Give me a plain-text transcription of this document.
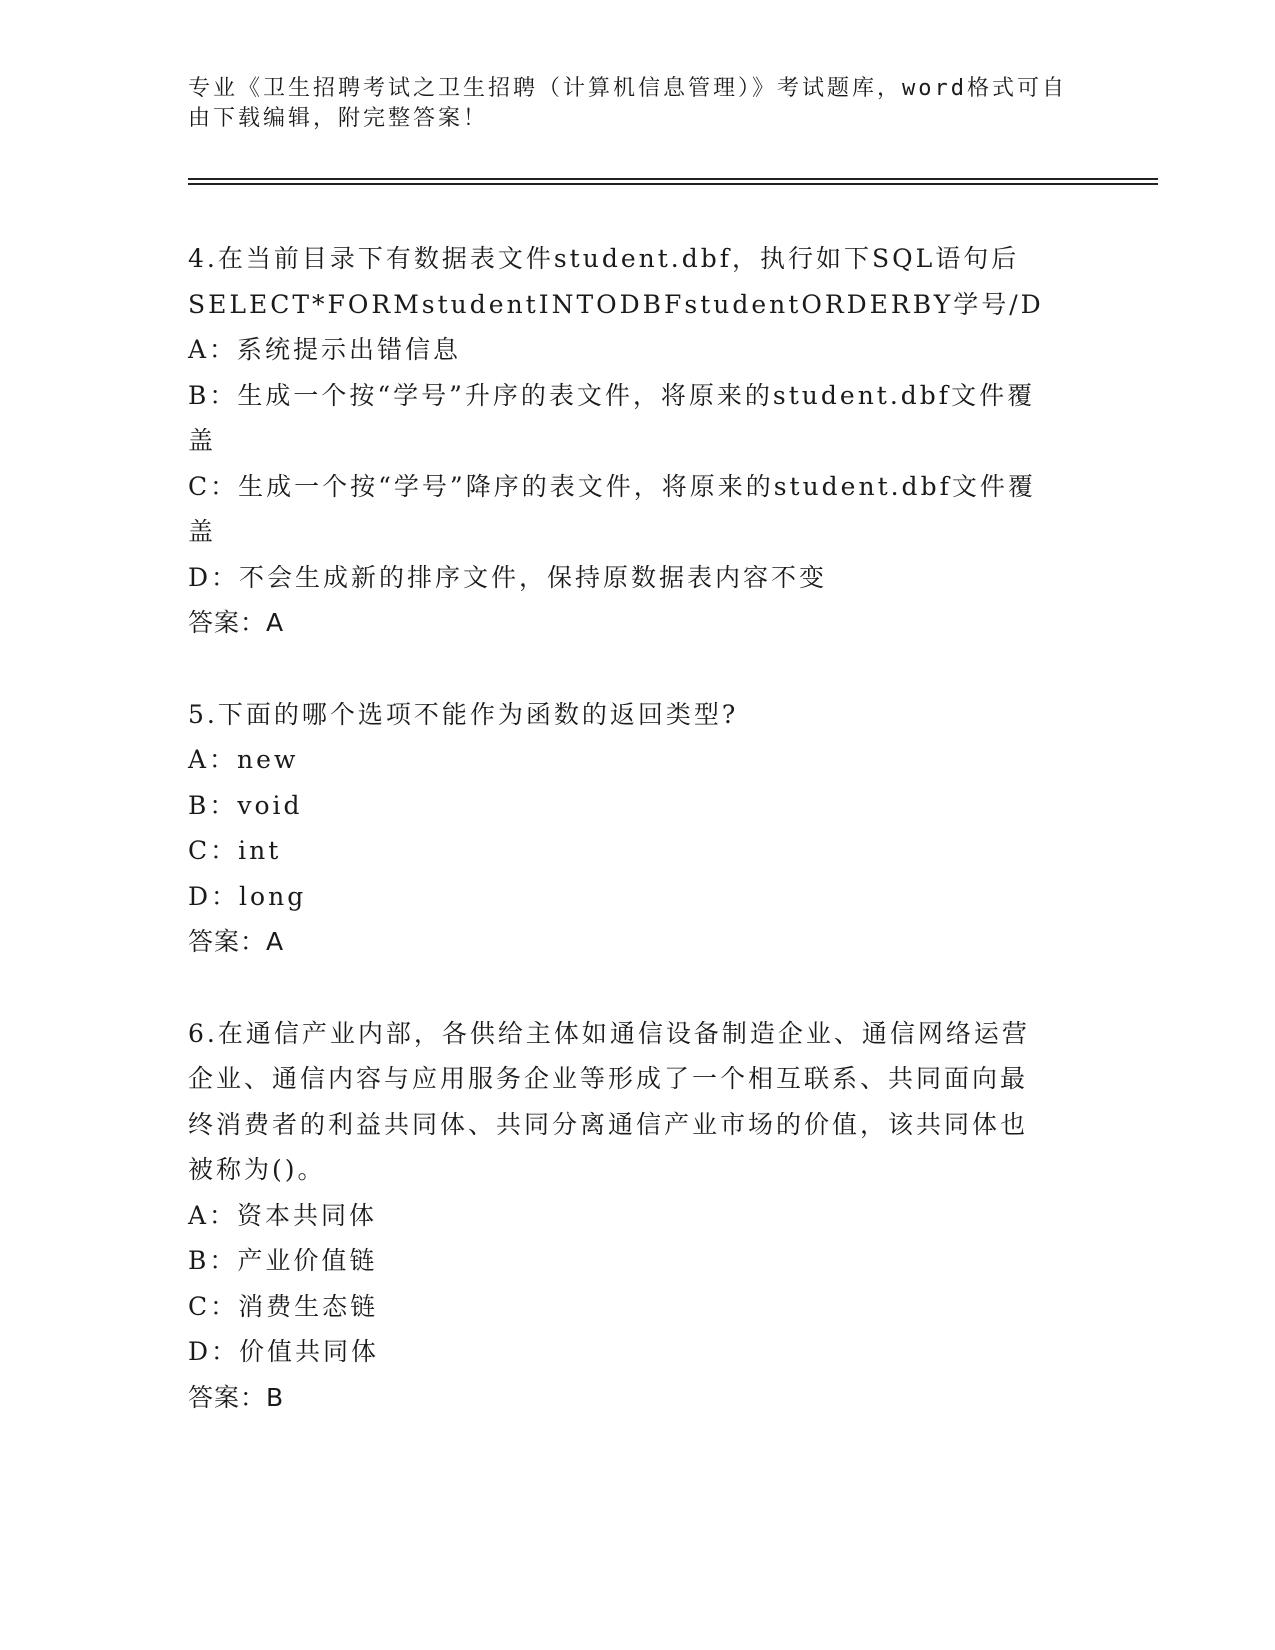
专业《卫生招聘考试之卫生招聘（计算机信息管理）》考试题库，word格式可自
由下载编辑，附完整答案！
4.在当前目录下有数据表文件student.dbf，执行如下SQL语句后
SELECT*FORMstudentINTODBFstudentORDERBY学号/D
A：系统提示出错信息
B：生成一个按“学号”升序的表文件，将原来的student.dbf文件覆
盖
C：生成一个按“学号”降序的表文件，将原来的student.dbf文件覆
盖
D：不会生成新的排序文件，保持原数据表内容不变
答案：A
5.下面的哪个选项不能作为函数的返回类型?
A：new
B：void
C：int
D：long
答案：A
6.在通信产业内部，各供给主体如通信设备制造企业、通信网络运营
企业、通信内容与应用服务企业等形成了一个相互联系、共同面向最
终消费者的利益共同体、共同分离通信产业市场的价值，该共同体也
被称为()。
A：资本共同体
B：产业价值链
C：消费生态链
D：价值共同体
答案：B
